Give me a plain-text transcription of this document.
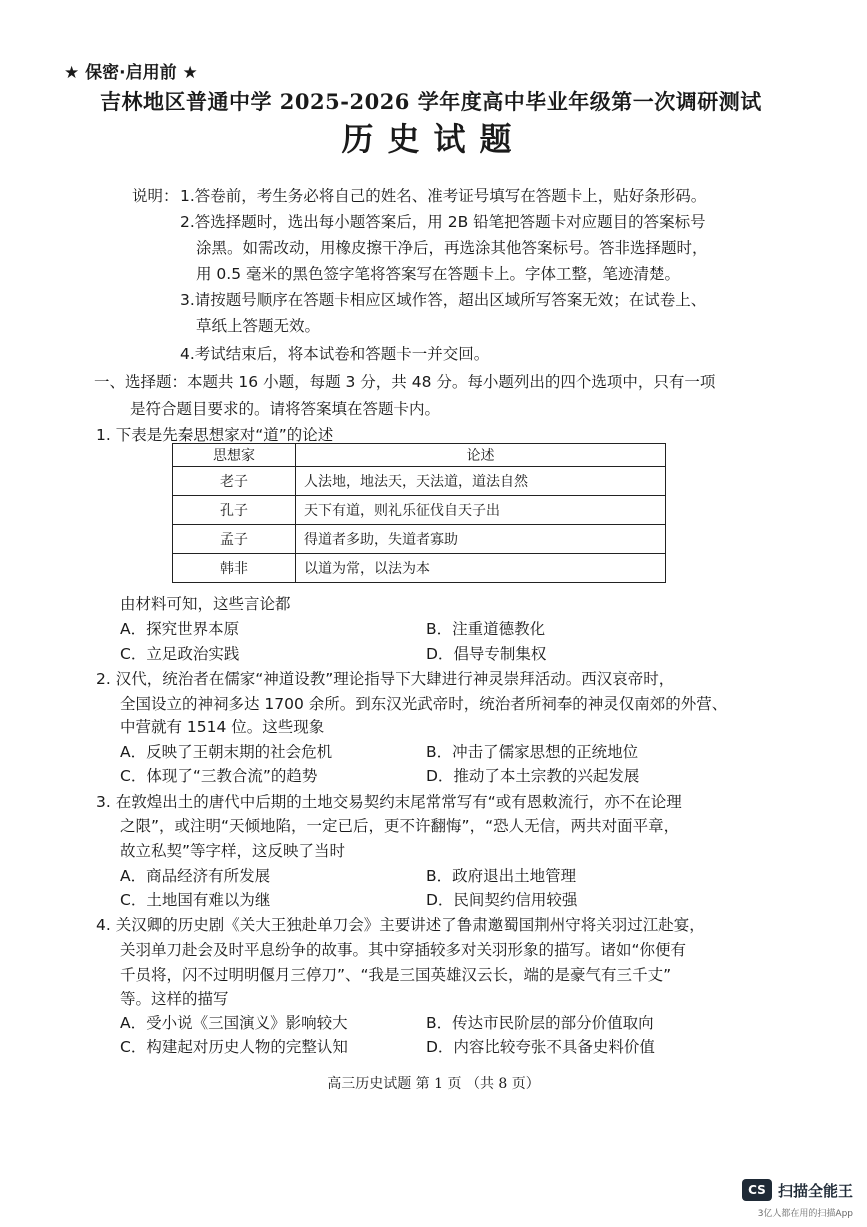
★ 保密·启用前 ★
吉林地区普通中学 2025-2026 学年度高中毕业年级第一次调研测试
历史试题
说明： 1.答卷前，考生务必将自己的姓名、准考证号填写在答题卡上，贴好条形码。
2.答选择题时，选出每小题答案后，用 2B 铅笔把答题卡对应题目的答案标号
涂黑。如需改动，用橡皮擦干净后，再选涂其他答案标号。答非选择题时，
用 0.5 毫米的黑色签字笔将答案写在答题卡上。字体工整，笔迹清楚。
3.请按题号顺序在答题卡相应区域作答，超出区域所写答案无效；在试卷上、
草纸上答题无效。
4.考试结束后，将本试卷和答题卡一并交回。
一、选择题：本题共 16 小题，每题 3 分，共 48 分。每小题列出的四个选项中，只有一项
是符合题目要求的。请将答案填在答题卡内。
1. 下表是先秦思想家对“道”的论述
思想家	论述
老子	人法地，地法天，天法道，道法自然
孔子	天下有道，则礼乐征伐自天子出
孟子	得道者多助，失道者寡助
韩非	以道为常，以法为本
由材料可知，这些言论都
A．探究世界本原	B．注重道德教化
C．立足政治实践	D．倡导专制集权
2. 汉代，统治者在儒家“神道设教”理论指导下大肆进行神灵崇拜活动。西汉哀帝时，
全国设立的神祠多达 1700 余所。到东汉光武帝时，统治者所祠奉的神灵仅南郊的外营、
中营就有 1514 位。这些现象
A．反映了王朝末期的社会危机	B．冲击了儒家思想的正统地位
C．体现了“三教合流”的趋势	D．推动了本土宗教的兴起发展
3. 在敦煌出土的唐代中后期的土地交易契约末尾常常写有“或有恩敕流行，亦不在论理
之限”，或注明“天倾地陷，一定已后，更不许翻悔”，“恐人无信，两共对面平章，
故立私契”等字样，这反映了当时
A．商品经济有所发展	B．政府退出土地管理
C．土地国有难以为继	D．民间契约信用较强
4. 关汉卿的历史剧《关大王独赴单刀会》主要讲述了鲁肃邀蜀国荆州守将关羽过江赴宴，
关羽单刀赴会及时平息纷争的故事。其中穿插较多对关羽形象的描写。诸如“你便有
千员将，闪不过明明偃月三停刀”、“我是三国英雄汉云长，端的是豪气有三千丈”
等。这样的描写
A．受小说《三国演义》影响较大	B．传达市民阶层的部分价值取向
C．构建起对历史人物的完整认知	D．内容比较夸张不具备史料价值
高三历史试题 第 1 页 （共 8 页）
CS 扫描全能王
3亿人都在用的扫描App
